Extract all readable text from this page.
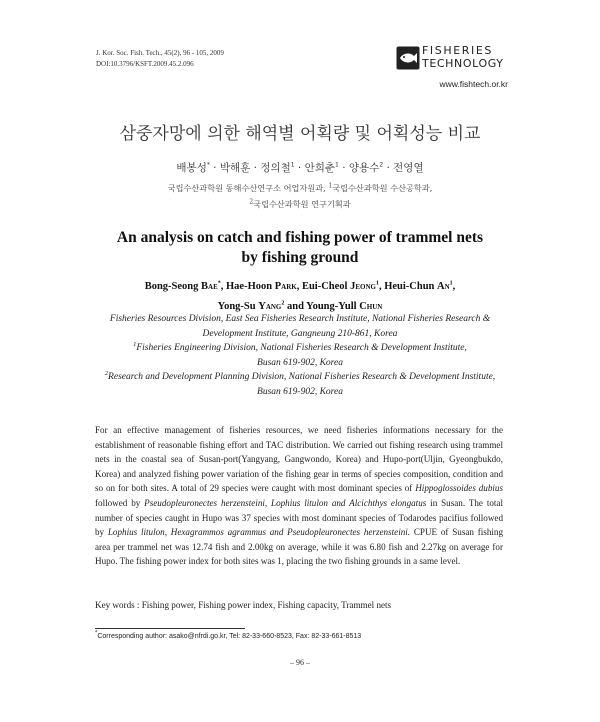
J. Kor. Soc. Fish. Tech., 45(2), 96 - 105, 2009
DOI:10.3796/KSFT.2009.45.2.096
FISHERIES
TECHNOLOGY
www.fishtech.or.kr
삼중자망에 의한 해역별 어획량 및 어획성능 비교
배봉성* · 박해훈 · 정의철$^1$ · 안희춘$^1$ · 양용수$^2$ · 전영열
국립수산과학원 동해수산연구소 어업자원과, $^1$국립수산과학원 수산공학과,
$^2$국립수산과학원 연구기획과
An analysis on catch and fishing power of trammel nets
by fishing ground
Bong-Seong Bae*, Hae-Hoon Park, Eui-Cheol Jeong$^1$, Heui-Chun An$^1$,
Yong-Su Yang$^2$ and Young-Yull Chun
Fisheries Resources Division, East Sea Fisheries Research Institute, National Fisheries Research &
Development Institute, Gangneung 210-861, Korea
$^1$Fisheries Engineering Division, National Fisheries Research & Development Institute,
Busan 619-902, Korea
$^2$Research and Development Planning Division, National Fisheries Research & Development Institute,
Busan 619-902, Korea
For an effective management of fisheries resources, we need fisheries informations necessary for the establishment of reasonable fishing effort and TAC distribution. We carried out fishing research using trammel nets in the coastal sea of Susan-port(Yangyang, Gangwondo, Korea) and Hupo-port(Uljin, Gyeongbukdo, Korea) and analyzed fishing power variation of the fishing gear in terms of species composition, condition and so on for both sites. A total of 29 species were caught with most dominant species of Hippoglossoides dubius followed by Pseudopleuronectes herzensteini, Lophius litulon and Alcichthys elongatus in Susan. The total number of species caught in Hupo was 37 species with most dominant species of Todarodes pacifius followed by Lophius litulon, Hexagrammos agrammus and Pseudopleuronectes herzensteini. CPUE of Susan fishing area per trammel net was 12.74 fish and 2.00kg on average, while it was 6.80 fish and 2.27kg on average for Hupo. The fishing power index for both sites was 1, placing the two fishing grounds in a same level.
Key words : Fishing power, Fishing power index, Fishing capacity, Trammel nets
*Corresponding author: asako@nfrdi.go.kr, Tel: 82-33-660-8523, Fax: 82-33-661-8513
– 96 –
